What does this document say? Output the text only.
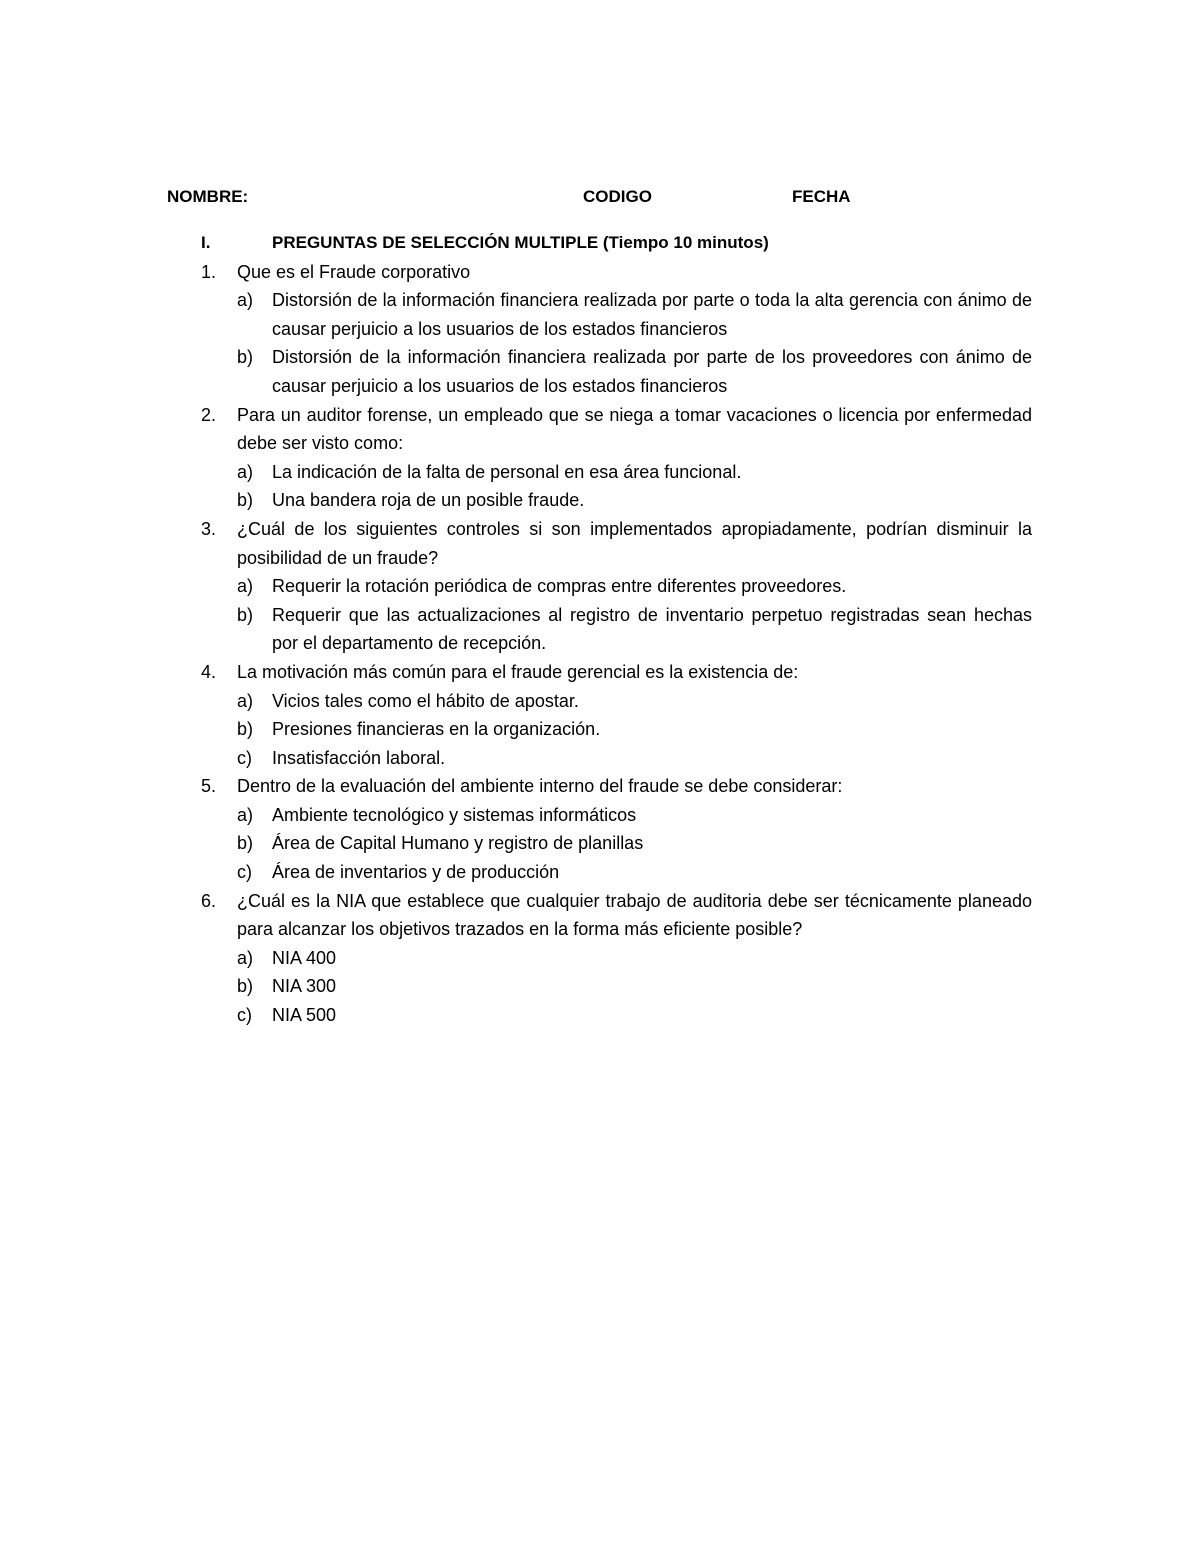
NOMBRE:	CODIGO	FECHA
I.	PREGUNTAS DE SELECCIÓN MULTIPLE (Tiempo 10 minutos)
1. Que es el Fraude corporativo
a) Distorsión de la información financiera realizada por parte o toda la alta gerencia con ánimo de causar perjuicio a los usuarios de los estados financieros
b) Distorsión de la información financiera realizada por parte de los proveedores con ánimo de causar perjuicio a los usuarios de los estados financieros
2. Para un auditor forense, un empleado que se niega a tomar vacaciones o licencia por enfermedad debe ser visto como:
a) La indicación de la falta de personal en esa área funcional.
b) Una bandera roja de un posible fraude.
3. ¿Cuál de los siguientes controles si son implementados apropiadamente, podrían disminuir la posibilidad de un fraude?
a) Requerir la rotación periódica de compras entre diferentes proveedores.
b) Requerir que las actualizaciones al registro de inventario perpetuo registradas sean hechas por el departamento de recepción.
4. La motivación más común para el fraude gerencial es la existencia de:
a) Vicios tales como el hábito de apostar.
b) Presiones financieras en la organización.
c) Insatisfacción laboral.
5. Dentro de la evaluación del ambiente interno del fraude se debe considerar:
a) Ambiente tecnológico y sistemas informáticos
b) Área de Capital Humano y registro de planillas
c) Área de inventarios y de producción
6. ¿Cuál es la NIA que establece que cualquier trabajo de auditoria debe ser técnicamente planeado para alcanzar los objetivos trazados en la forma más eficiente posible?
a) NIA 400
b) NIA 300
c) NIA 500
